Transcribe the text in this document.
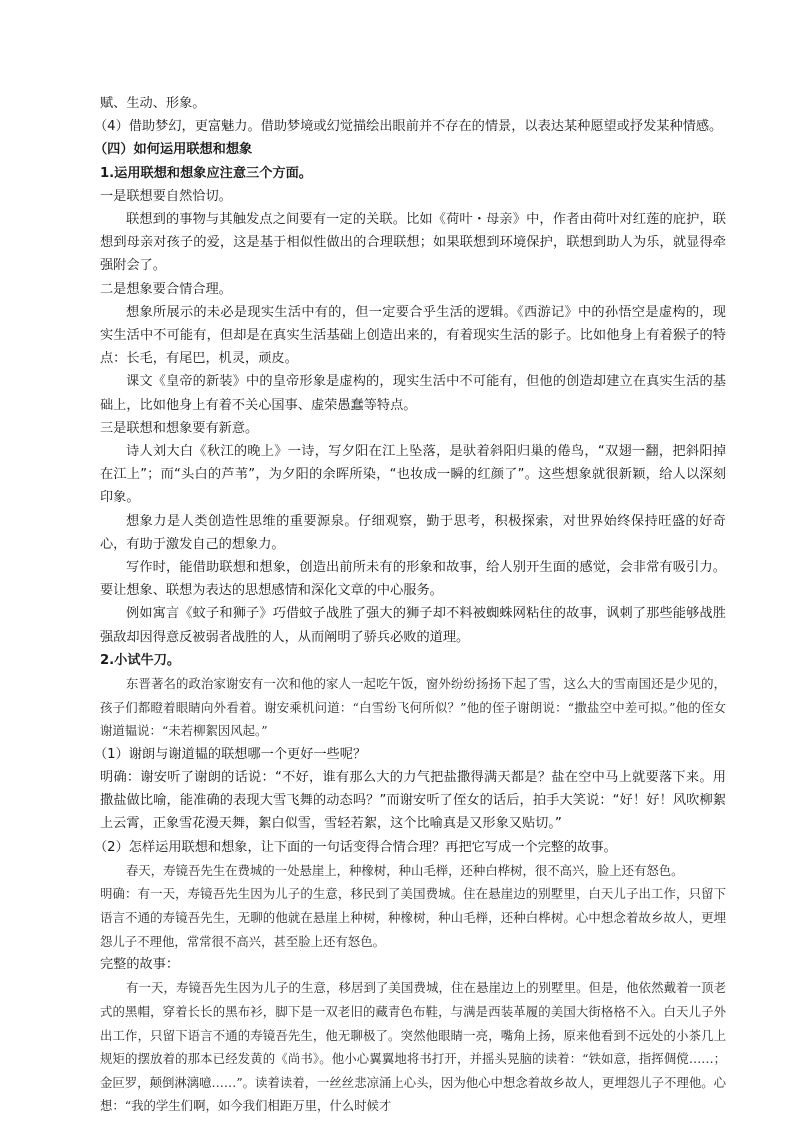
赋、生动、形象。

（4）借助梦幻，更富魅力。借助梦境或幻觉描绘出眼前并不存在的情景，以表达某种愿望或抒发某种情感。

（四）如何运用联想和想象

1.运用联想和想象应注意三个方面。

一是联想要自然恰切。

联想到的事物与其触发点之间要有一定的关联。比如《荷叶・母亲》中，作者由荷叶对红莲的庇护，联想到母亲对孩子的爱，这是基于相似性做出的合理联想；如果联想到环境保护，联想到助人为乐，就显得牵强附会了。

二是想象要合情合理。

想象所展示的未必是现实生活中有的，但一定要合乎生活的逻辑。《西游记》中的孙悟空是虚构的，现实生活中不可能有，但却是在真实生活基础上创造出来的，有着现实生活的影子。比如他身上有着猴子的特点：长毛，有尾巴，机灵，顽皮。

课文《皇帝的新装》中的皇帝形象是虚构的，现实生活中不可能有，但他的创造却建立在真实生活的基础上，比如他身上有着不关心国事、虚荣愚蠢等特点。

三是联想和想象要有新意。

诗人刘大白《秋江的晚上》一诗，写夕阳在江上坠落，是驮着斜阳归巢的倦鸟，“双翅一翻，把斜阳掉在江上”；而“头白的芦苇”，为夕阳的余晖所染，“也妆成一瞬的红颜了”。这些想象就很新颖，给人以深刻印象。

想象力是人类创造性思维的重要源泉。仔细观察，勤于思考，积极探索，对世界始终保持旺盛的好奇心，有助于激发自己的想象力。

写作时，能借助联想和想象，创造出前所未有的形象和故事，给人别开生面的感觉，会非常有吸引力。要让想象、联想为表达的思想感情和深化文章的中心服务。

例如寓言《蚊子和狮子》巧借蚊子战胜了强大的狮子却不料被蜘蛛网粘住的故事，讽刺了那些能够战胜强敌却因得意反被弱者战胜的人，从而阐明了骄兵必败的道理。

2.小试牛刀。

东晋著名的政治家谢安有一次和他的家人一起吃午饭，窗外纷纷扬扬下起了雪，这么大的雪南国还是少见的，孩子们都瞪着眼睛向外看着。谢安乘机问道：“白雪纷飞何所似？”他的侄子谢朗说：“撒盐空中差可拟。”他的侄女谢道韫说：“未若柳絮因风起。”

（1）谢朗与谢道韫的联想哪一个更好一些呢？

明确：谢安听了谢朗的话说：“不好，谁有那么大的力气把盐撒得满天都是？盐在空中马上就要落下来。用撒盐做比喻，能准确的表现大雪飞舞的动态吗？”而谢安听了侄女的话后，拍手大笑说：“好！好！风吹柳絮上云霄，正象雪花漫天舞，絮白似雪，雪轻若絮，这个比喻真是又形象又贴切。”

（2）怎样运用联想和想象，让下面的一句话变得合情合理？再把它写成一个完整的故事。

春天，寿镜吾先生在费城的一处悬崖上，种橡树，种山毛榉，还种白桦树，很不高兴，脸上还有怒色。

明确：有一天，寿镜吾先生因为儿子的生意，移民到了美国费城。住在悬崖边的别墅里，白天儿子出工作，只留下语言不通的寿镜吾先生，无聊的他就在悬崖上种树，种橡树，种山毛榉，还种白桦树。心中想念着故乡故人，更埋怨儿子不理他，常常很不高兴，甚至脸上还有怒色。

完整的故事：

有一天，寿镜吾先生因为儿子的生意，移居到了美国费城，住在悬崖边上的别墅里。但是，他依然戴着一顶老式的黑帽，穿着长长的黑布衫，脚下是一双老旧的藏青色布鞋，与满是西装革履的美国大街格格不入。白天儿子外出工作，只留下语言不通的寿镜吾先生，他无聊极了。突然他眼睛一亮，嘴角上扬，原来他看到不远处的小茶几上规矩的摆放着的那本已经发黄的《尚书》。他小心翼翼地将书打开，并摇头晃脑的读着：“铁如意，指挥倜傥……；金叵罗，颠倒淋漓噫……”。读着读着，一丝丝悲凉涌上心头，因为他心中想念着故乡故人，更埋怨儿子不理他。心想：“我的学生们啊，如今我们相距万里，什么时候才
